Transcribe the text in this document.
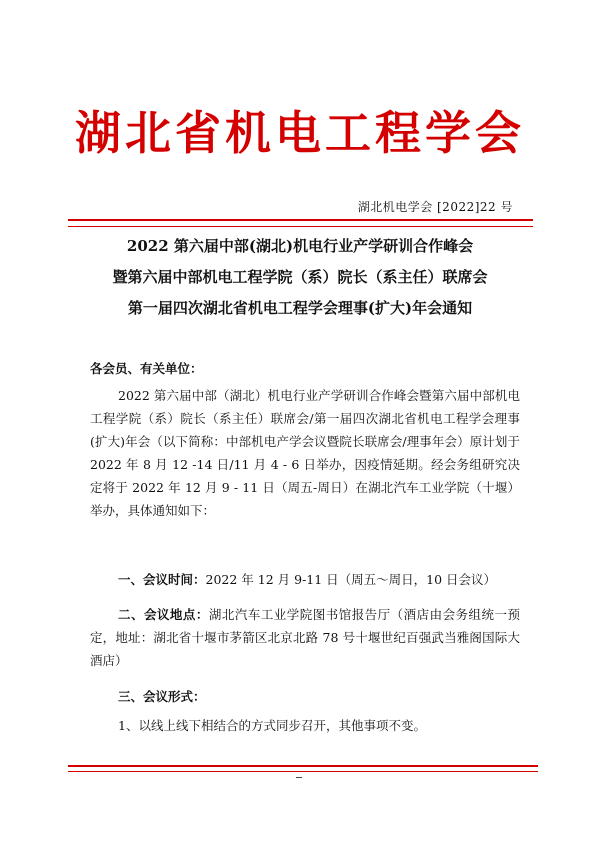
湖北省机电工程学会
湖北机电学会 [2022]22 号
2022 第六届中部(湖北)机电行业产学研训合作峰会
暨第六届中部机电工程学院（系）院长（系主任）联席会
第一届四次湖北省机电工程学会理事(扩大)年会通知
各会员、有关单位：
2022 第六届中部（湖北）机电行业产学研训合作峰会暨第六届中部机电工程学院（系）院长（系主任）联席会/第一届四次湖北省机电工程学会理事(扩大)年会（以下简称：中部机电产学会议暨院长联席会/理事年会）原计划于 2022 年 8 月 12 -14 日/11 月 4 - 6 日举办，因疫情延期。经会务组研究决定将于 2022 年 12 月 9 - 11 日（周五-周日）在湖北汽车工业学院（十堰）举办，具体通知如下：
一、会议时间：2022 年 12 月 9-11 日（周五～周日，10 日会议）
二、会议地点：湖北汽车工业学院图书馆报告厅（酒店由会务组统一预定，地址：湖北省十堰市茅箭区北京北路 78 号十堰世纪百强武当雅阁国际大酒店）
三、会议形式：
1、以线上线下相结合的方式同步召开，其他事项不变。
